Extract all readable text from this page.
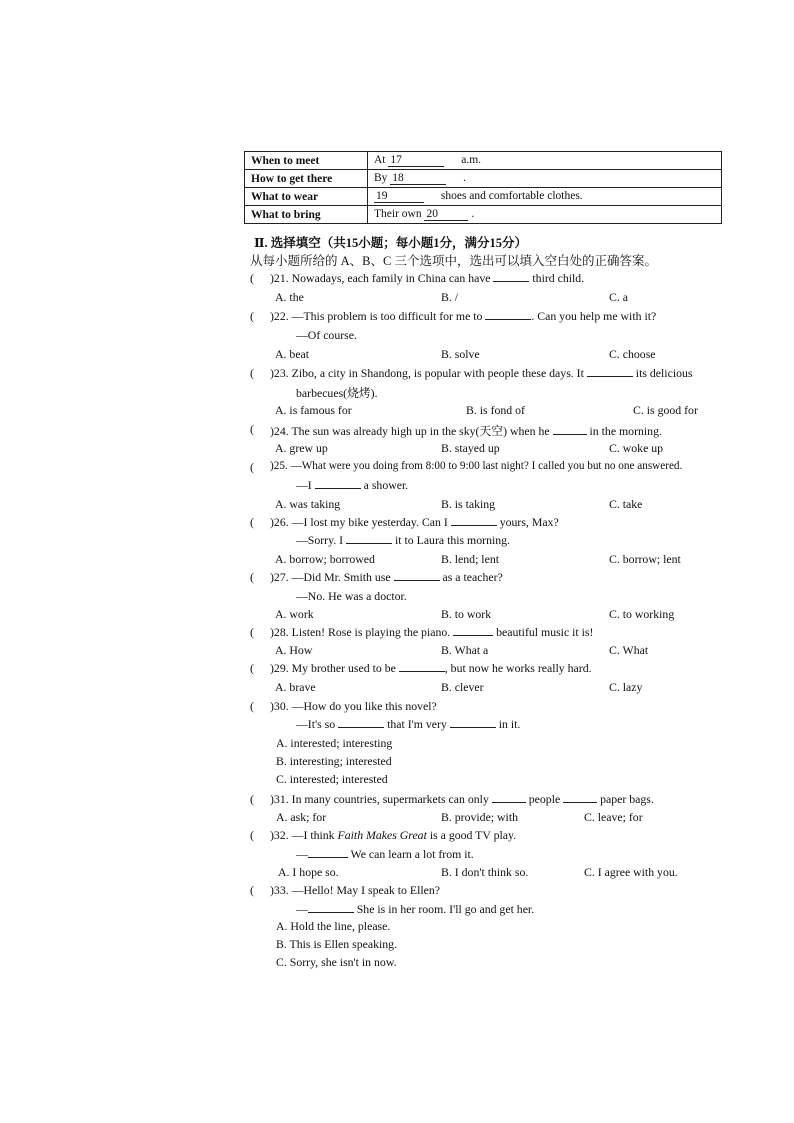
When to meet	At 17 a.m.
How to get there	By 18 .
What to wear	19 shoes and comfortable clothes.
What to bring	Their own 20 .
Ⅱ. 选择填空（共15小题；每小题1分，满分15分）
从每小题所给的 A、B、C 三个选项中，选出可以填入空白处的正确答案。
( )21. Nowadays, each family in China can have	third child.
A. the	B. /	C. a
( )22. —This problem is too difficult for me to	. Can you help me with it?
—Of course.
A. beat	B. solve	C. choose
( )23. Zibo, a city in Shandong, is popular with people these days. It	its delicious
barbecues(烧烤).
A. is famous for	B. is fond of	C. is good for
( )24. The sun was already high up in the sky(天空) when he	in the morning.
A. grew up	B. stayed up	C. woke up
( )25. —What were you doing from 8:00 to 9:00 last night? I called you but no one answered.
—I	a shower.
A. was taking	B. is taking	C. take
( )26. —I lost my bike yesterday. Can I	yours, Max?
—Sorry. I	it to Laura this morning.
A. borrow; borrowed	B. lend; lent	C. borrow; lent
( )27. —Did Mr. Smith use	as a teacher?
—No. He was a doctor.
A. work	B. to work	C. to working
( )28. Listen! Rose is playing the piano.	beautiful music it is!
A. How	B. What a	C. What
( )29. My brother used to be	, but now he works really hard.
A. brave	B. clever	C. lazy
( )30. —How do you like this novel?
—It's so	that I'm very	in it.
A. interested; interesting
B. interesting; interested
C. interested; interested
( )31. In many countries, supermarkets can only	people	paper bags.
A. ask; for	B. provide; with	C. leave; for
( )32. —I think Faith Makes Great is a good TV play.
—	We can learn a lot from it.
A. I hope so.	B. I don't think so.	C. I agree with you.
( )33. —Hello! May I speak to Ellen?
—	She is in her room. I'll go and get her.
A. Hold the line, please.
B. This is Ellen speaking.
C. Sorry, she isn't in now.
